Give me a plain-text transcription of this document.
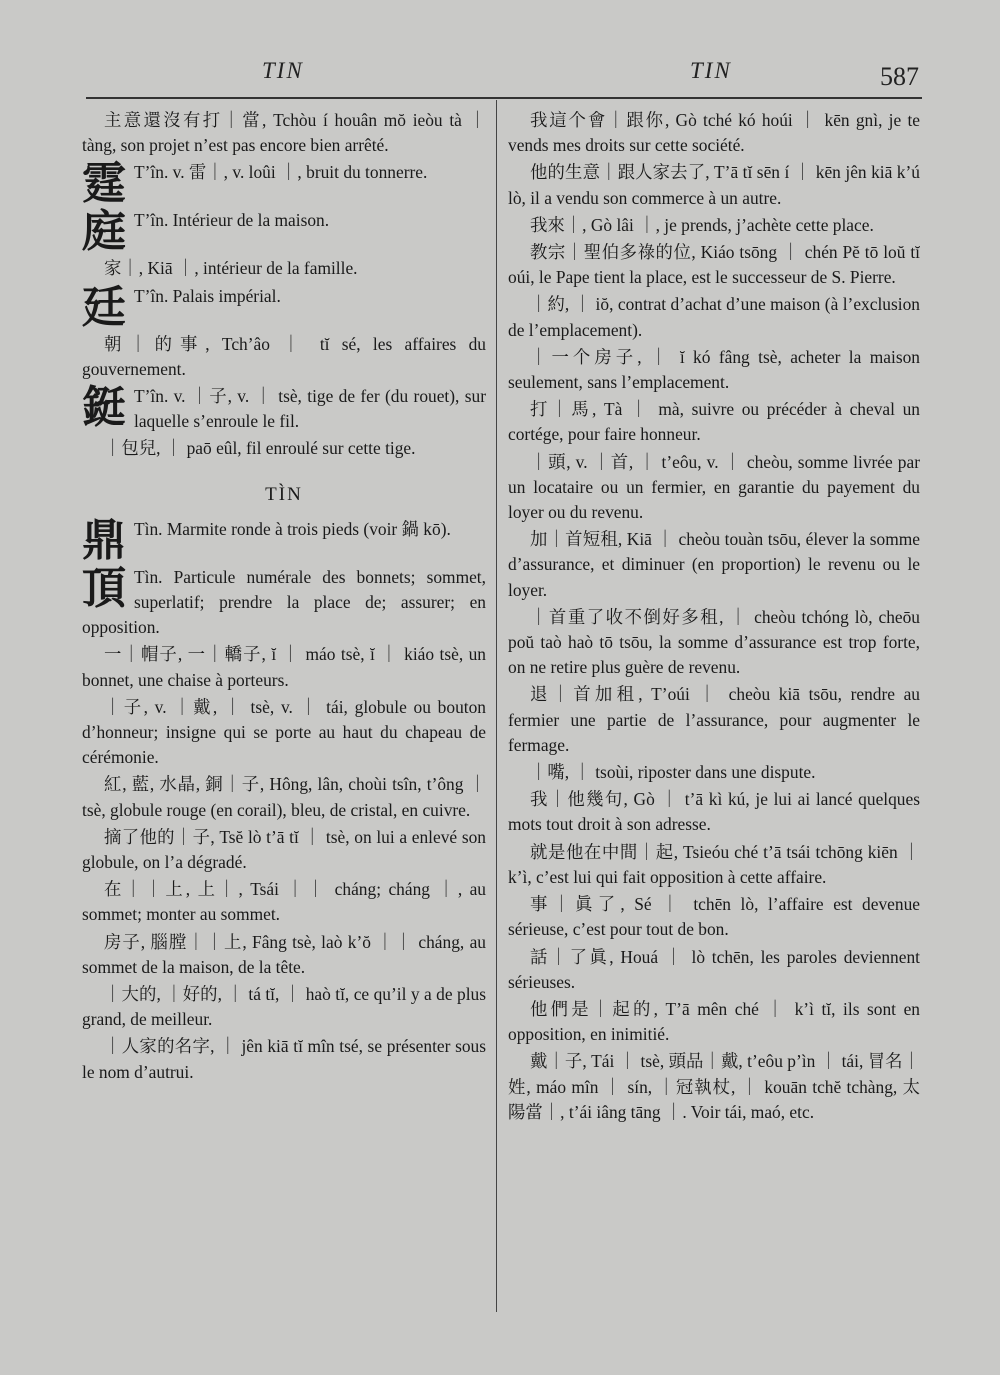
TIN	TIN	587
主意還沒有打｜當, Tchòu í houân mŏ ieòu tà ｜ tàng, son projet n’est pas encore bien arrêté.
霆 T’în. v. 雷｜, v. loûi ｜, bruit du tonnerre.
庭 T’în. Intérieur de la maison.
家｜, Kiā ｜, intérieur de la famille.
廷 T’în. Palais impérial.
朝｜的事, Tch’âo ｜ tĭ sé, les affaires du gouvernement.
鋌 T’în. v. ｜子, v. ｜ tsè, tige de fer (du rouet), sur laquelle s’enroule le fil.
｜包兒, ｜ paō eûl, fil enroulé sur cette tige.
TÌN
鼎 Tìn. Marmite ronde à trois pieds (voir 鍋 kō).
頂 Tìn. Particule numérale des bonnets; sommet, superlatif; prendre la place de; assurer; en opposition.
一｜帽子, 一｜轎子, ĭ ｜ máo tsè, ĭ ｜ kiáo tsè, un bonnet, une chaise à porteurs.
｜子, v. ｜戴, ｜ tsè, v. ｜ tái, globule ou bouton d’honneur; insigne qui se porte au haut du chapeau de cérémonie.
紅, 藍, 水晶, 銅｜子, Hông, lân, choùi tsîn, t’ông ｜ tsè, globule rouge (en corail), bleu, de cristal, en cuivre.
摘了他的｜子, Tsĕ lò t’ā tĭ ｜ tsè, on lui a enlevé son globule, on l’a dégradé.
在｜｜上, 上｜, Tsái ｜｜ cháng; cháng ｜, au sommet; monter au sommet.
房子, 腦膛｜｜上, Fâng tsè, laò k’ŏ ｜｜ cháng, au sommet de la maison, de la tête.
｜大的, ｜好的, ｜ tá tĭ, ｜ haò tĭ, ce qu’il y a de plus grand, de meilleur.
｜人家的名字, ｜ jên kiā tĭ mîn tsé, se présenter sous le nom d’autrui.
我這个會｜跟你, Gò tché kó hoúi ｜ kēn gnì, je te vends mes droits sur cette société.
他的生意｜跟人家去了, T’ā tĭ sēn í ｜ kēn jên kiā k’ú lò, il a vendu son commerce à un autre.
我來｜, Gò lâi ｜, je prends, j’achète cette place.
教宗｜聖伯多祿的位, Kiáo tsōng ｜ chén Pĕ tō loŭ tĭ oúi, le Pape tient la place, est le successeur de S. Pierre.
｜約, ｜ iŏ, contrat d’achat d’une maison (à l’exclusion de l’emplacement).
｜一个房子, ｜ ĭ kó fâng tsè, acheter la maison seulement, sans l’emplacement.
打｜馬, Tà ｜ mà, suivre ou précéder à cheval un cortége, pour faire honneur.
｜頭, v. ｜首, ｜ t’eôu, v. ｜ cheòu, somme livrée par un locataire ou un fermier, en garantie du payement du loyer ou du revenu.
加｜首短租, Kiā ｜ cheòu touàn tsōu, élever la somme d’assurance, et diminuer (en proportion) le revenu ou le loyer.
｜首重了收不倒好多租, ｜ cheòu tchóng lò, cheōu poŭ taò haò tō tsōu, la somme d’assurance est trop forte, on ne retire plus guère de revenu.
退｜首加租, T’oúi ｜ cheòu kiā tsōu, rendre au fermier une partie de l’assurance, pour augmenter le fermage.
｜嘴, ｜ tsoùi, riposter dans une dispute.
我｜他幾句, Gò ｜ t’ā kì kú, je lui ai lancé quelques mots tout droit à son adresse.
就是他在中間｜起, Tsieóu ché t’ā tsái tchōng kiēn ｜ k’ì, c’est lui qui fait opposition à cette affaire.
事｜眞了, Sé ｜ tchēn lò, l’affaire est devenue sérieuse, c’est pour tout de bon.
話｜了眞, Houá ｜ lò tchēn, les paroles deviennent sérieuses.
他們是｜起的, T’ā mên ché ｜ k’ì tĭ, ils sont en opposition, en inimitié.
戴｜子, Tái ｜ tsè, 頭品｜戴, t’eôu p’ìn ｜ tái, 冒名｜姓, máo mîn ｜ sín, ｜冠執杖, ｜ kouān tchĕ tchàng, 太陽當｜, t’ái iâng tāng ｜. Voir tái, maó, etc.
